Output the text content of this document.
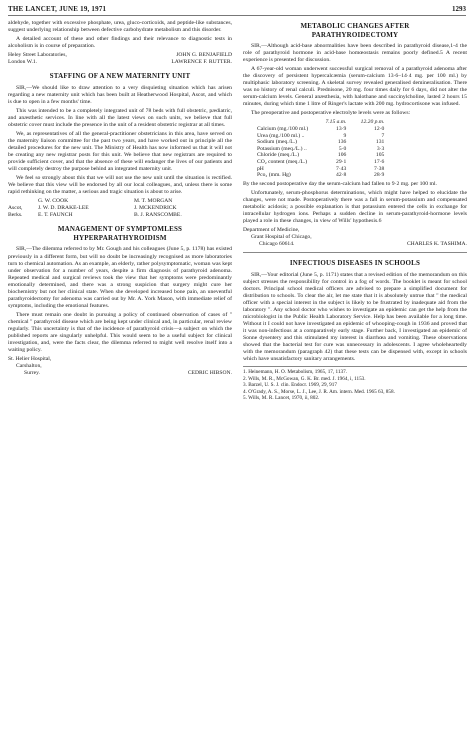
THE LANCET, JUNE 19, 1971	1293

aldehyde, together with excessive phosphate, urea, gluco-corticoids, and peptide-like substances, suggest underlying relationship between defective carbohydrate metabolism and this disorder.

A detailed account of these and other findings and their relevance to diagnostic tests in alcoholism is in course of preparation.

Heley Street Laboratories,
London W.1.
JOHN G. BENJAFIELD
LAWRENCE F. RUTTER.
STAFFING OF A NEW MATERNITY UNIT

SIR,—We should like to draw attention to a very disquieting situation which has arisen regarding a new maternity unit which has been built at Heatherwood Hospital, Ascot, and which is due to open in a few months' time.

This was intended to be a completely integrated unit of 78 beds with full obstetric, pædiatric, and anæsthetic services. In line with all the latest views on such units, we believe that full obstetric cover must include the presence in the unit of a resident obstetric registrar at all times.

We, as representatives of all the general-practitioner obstetricians in this area, have served on the maternity liaison committee for the past two years, and have worked out in principle all the detailed procedures for the new unit. The Ministry of Health has now informed us that it will not be creating any new registrar posts for this unit. We believe that new registrars are required to provide sufficient cover, and that the absence of these will endanger the lives of our patients and will completely destroy the purpose behind an integrated maternity unit.

We feel so strongly about this that we will not use the new unit until the situation is rectified. We believe that this view will be endorsed by all our local colleagues, and, unless there is some rapid rethinking on the matter, a serious and tragic situation is about to arise.

Ascot,
Berks.
G. W. COOK
J. W. D. DRAKE-LEE
E. T. FAUNCH
M. T. MORGAN
J. MCKENDRICK
B. J. RANSCOMBE.
MANAGEMENT OF SYMPTOMLESS
HYPERPARATHYROIDISM

SIR,—The dilemma referred to by Mr. Gough and his colleagues (June 5, p. 1178) has existed previously in a different form, but will no doubt be increasingly recognised as more laboratories turn to chemical automation. As an example, an elderly, rather polysymptomatic, woman was kept under observation for a number of years, despite a firm diagnosis of parathyroid adenoma. Repeated medical and surgical reviews took the view that her symptoms were predominantly emotionally determined, and there was a strong suspicion that surgery might cure her biochemistry but not her clinical state. When she developed increased bone pain, an uneventful parathyroidectomy for adenoma was carried out by Mr. A. York Mason, with immediate relief of symptoms, including the emotional features.

There must remain one doubt in pursuing a policy of continued observation of cases of " chemical " parathyroid disease which are being kept under clinical and, in particular, renal review regularly. This uncertainty is that of the incidence of parathyroid crisis—a subject on which the published reports are singularly unhelpful. This would seem to be a useful subject for clinical investigation, and, were the facts clear, the dilemma referred to might well resolve itself into a waiting policy.

St. Helier Hospital,
Carshalton,
Surrey.	CEDRIC HIBSON.
METABOLIC CHANGES AFTER
PARATHYROIDECTOMY

SIR,—Although acid-base abnormalities have been described in parathyroid disease,1-4 the role of parathyroid hormone in acid-base homœostasis remains poorly defined.5 A recent experience is presented for discussion.

A 67-year-old woman underwent successful surgical removal of a parathyroid adenoma after the discovery of persistent hypercalcæmia (serum-calcium 13·6–14·4 mg. per 100 ml.) by multiphasic laboratory screening. A skeletal survey revealed generalised demineralisation. There was no history of renal calculi. Prednisone, 20 mg. four times daily for 6 days, did not alter the serum-calcium levels. General anæsthesia, with halothane and succinylcholine, lasted 2 hours 15 minutes, during which time 1 litre of Ringer's lactate with 200 mg. hydrocortisone was infused.

The preoperative and postoperative electrolyte levels were as follows:

	7.15 a.m.	12.20 p.m.
Calcium (mg./100 ml.)	13·9	12·0
Urea (mg./100 ml.) ..	9	7
Sodium (meq./L.)	136	131
Potassium (meq./L.) ..	5·0	3·3
Chloride (meq./L.)	106	105
CO₂ content (meq./L.)	29·1	17·6
pH	7·43	7·38
Pco₂ (mm. Hg)	42·8	28·9

By the second postoperative day the serum-calcium had fallen to 9·2 mg. per 100 ml.

Unfortunately, serum-phosphorus determinations, which might have helped to elucidate the changes, were not made. Postoperatively there was a fall in serum-potassium and compensated metabolic acidosis; a possible explanation is that potassium entered the cells in exchange for intracellular hydrogen ions. Perhaps a sudden decline in serum-parathyroid-hormone levels played a role in these changes, in view of Wills' hypothesis.6

Department of Medicine,
Grant Hospital of Chicago,
Chicago 60614.	CHARLES K. TASHIMA.
INFECTIOUS DISEASES IN SCHOOLS

SIR,—Your editorial (June 5, p. 1171) states that a revised edition of the memorandum on this subject stresses the responsibility for control in a fog of words. The booklet is meant for school doctors. Principal school medical officers are advised to prepare a simplified document for distribution to schools. To clear the air, let me state that it is absolutely untrue that " the medical officer with a special interest in the subject is likely to be frustrated by inadequate aid from the laboratory ". Any school doctor who wishes to investigate an epidemic can get the help from the microbiologist in the Public Health Laboratory Service. Help has been available for a long time. Without it I could not have investigated an epidemic of whooping-cough in 1936 and proved that it was non-infectious at a comparatively early stage. Further back, I investigated an epidemic of Sonne dysentery and this stimulated my interest in diarrhœa and vomiting. These observations showed that the bacterial test for cure was unnecessary in adolescents. I agree wholeheartedly with the memorandum (paragraph 42) that these tests can be dispensed with, except in schools which have unsatisfactory sanitary arrangements.

1. Heinemann, H. O. Metabolism, 1965, 17, 1137.
2. Wills, M. R., McGowan, G. K. Br. med. J. 1964, i, 1153.
3. Barzel, U. S. J. clin. Endocr. 1969, 29, 917
4. O'Grady, A. S., Morse, L. J., Lee, J. R. Am. intern. Med. 1965 63, 858.
5. Wills, M. R. Lancet, 1970, ii, 802.
